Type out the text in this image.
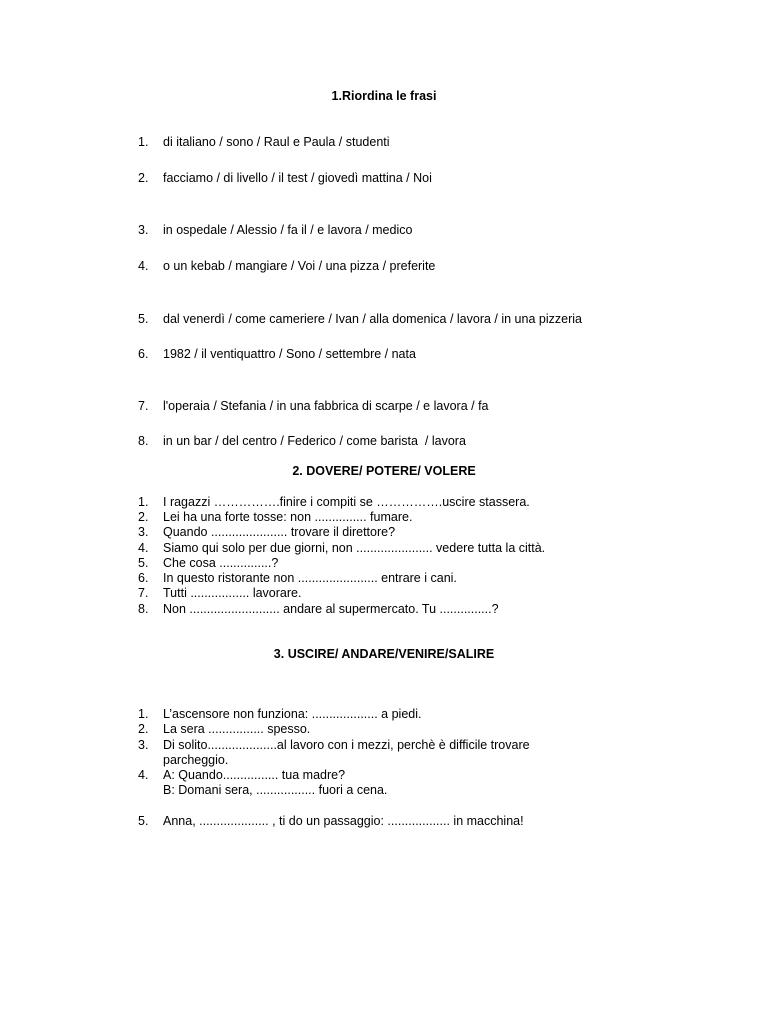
1.Riordina le frasi
1. di italiano / sono / Raul e Paula / studenti
2. facciamo / di livello / il test / giovedì mattina / Noi
3. in ospedale / Alessio / fa il / e lavora / medico
4. o un kebab / mangiare / Voi / una pizza / preferite
5. dal venerdì / come cameriere / Ivan / alla domenica / lavora / in una pizzeria
6. 1982 / il ventiquattro / Sono / settembre / nata
7. l'operaia / Stefania / in una fabbrica di scarpe / e lavora / fa
8. in un bar / del centro / Federico / come barista  / lavora
2. DOVERE/ POTERE/ VOLERE
1. I ragazzi …………….finire i compiti se …………….uscire stassera.
2. Lei ha una forte tosse: non ............... fumare.
3. Quando ...................... trovare il direttore?
4. Siamo qui solo per due giorni, non ...................... vedere tutta la città.
5. Che cosa ...............?
6. In questo ristorante non ....................... entrare i cani.
7. Tutti ................. lavorare.
8. Non .......................... andare al supermercato. Tu ...............?
3. USCIRE/ ANDARE/VENIRE/SALIRE
1. L’ascensore non funziona: ................... a piedi.
2. La sera ................ spesso.
3. Di solito....................al lavoro con i mezzi, perchè è difficile trovare
parcheggio.
4. A: Quando................ tua madre?
B: Domani sera, ................. fuori a cena.
5. Anna, .................... , ti do un passaggio: .................. in macchina!
